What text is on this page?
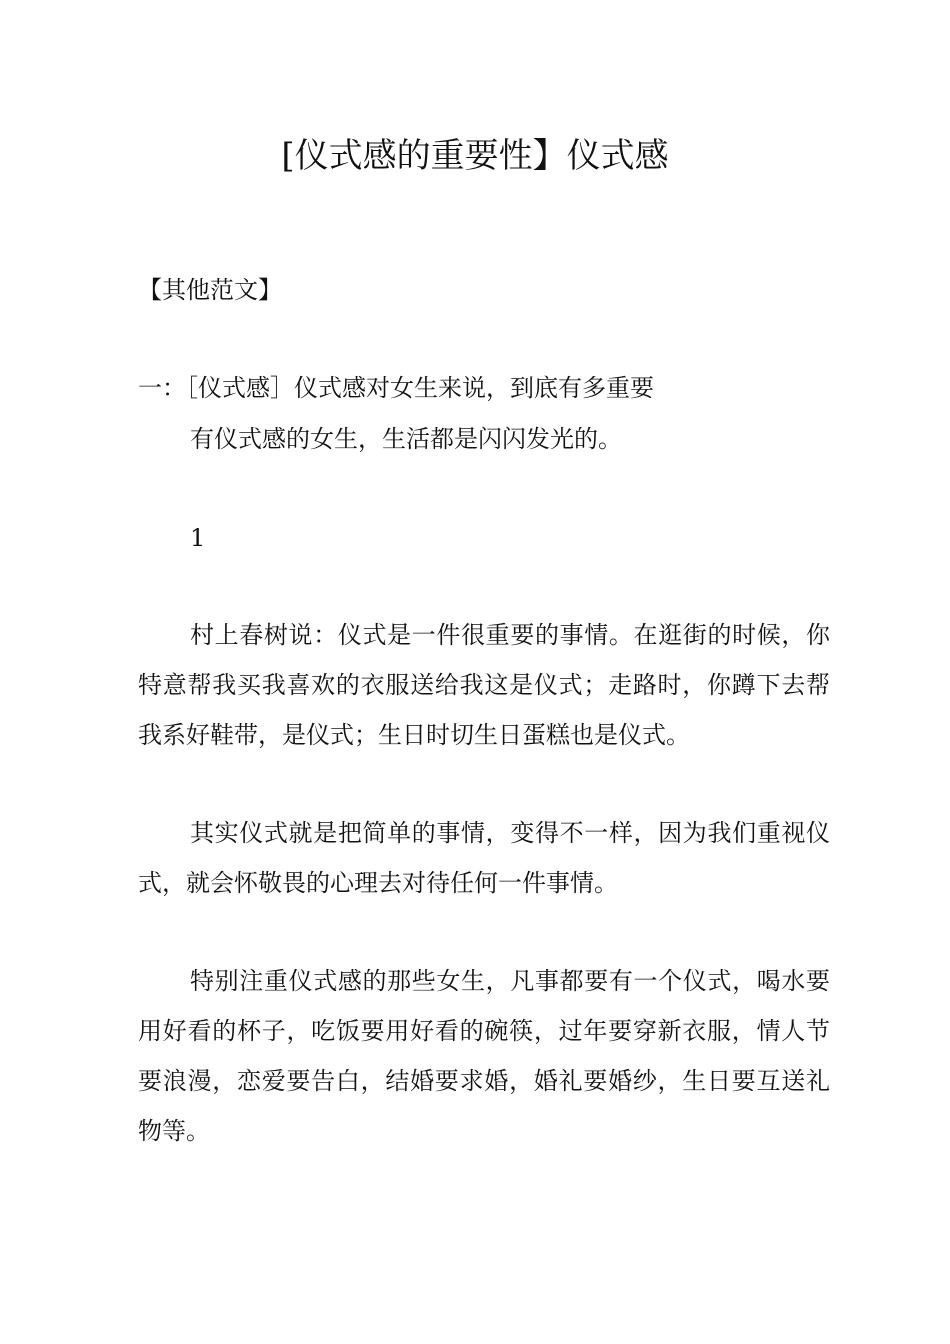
[仪式感的重要性】仪式感
【其他范文】
一：［仪式感］仪式感对女生来说，到底有多重要
有仪式感的女生，生活都是闪闪发光的。
1

村上春树说：仪式是一件很重要的事情。在逛街的时候，你特意帮我买我喜欢的衣服送给我这是仪式；走路时，你蹲下去帮我系好鞋带，是仪式；生日时切生日蛋糕也是仪式。

其实仪式就是把简单的事情，变得不一样，因为我们重视仪式，就会怀敬畏的心理去对待任何一件事情。

特别注重仪式感的那些女生，凡事都要有一个仪式，喝水要用好看的杯子，吃饭要用好看的碗筷，过年要穿新衣服，情人节要浪漫，恋爱要告白，结婚要求婚，婚礼要婚纱，生日要互送礼物等。
